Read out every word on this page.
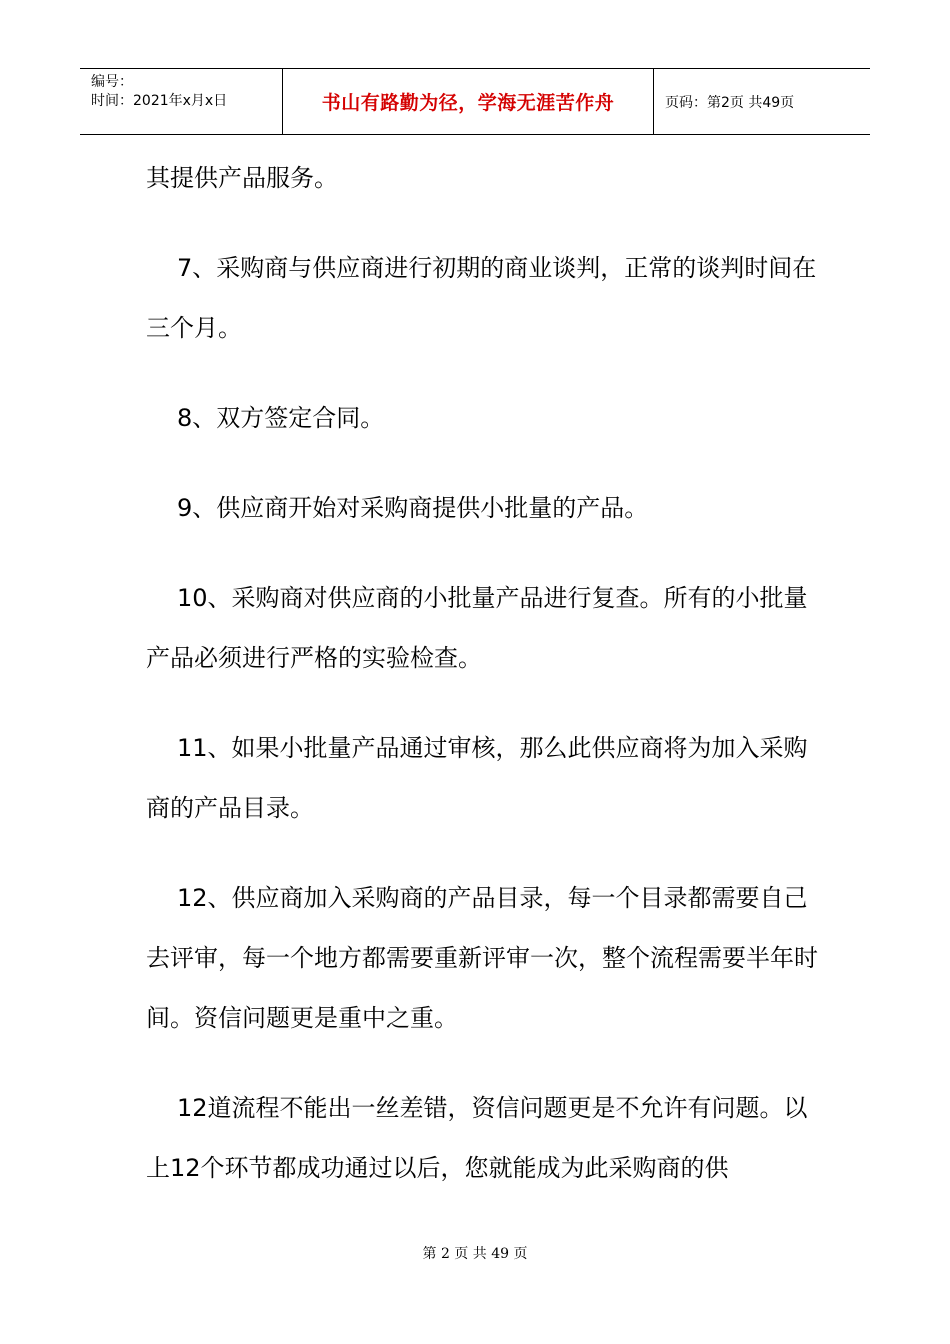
编号：
时间：2021年x月x日	书山有路勤为径，学海无涯苦作舟	页码：第2页 共49页

其提供产品服务。

7、采购商与供应商进行初期的商业谈判，正常的谈判时间在三个月。

8、双方签定合同。

9、供应商开始对采购商提供小批量的产品。

10、采购商对供应商的小批量产品进行复查。所有的小批量产品必须进行严格的实验检查。

11、如果小批量产品通过审核，那么此供应商将为加入采购商的产品目录。

12、供应商加入采购商的产品目录，每一个目录都需要自己去评审，每一个地方都需要重新评审一次，整个流程需要半年时间。资信问题更是重中之重。

12道流程不能出一丝差错，资信问题更是不允许有问题。以上12个环节都成功通过以后，您就能成为此采购商的供

第 2 页 共 49 页
